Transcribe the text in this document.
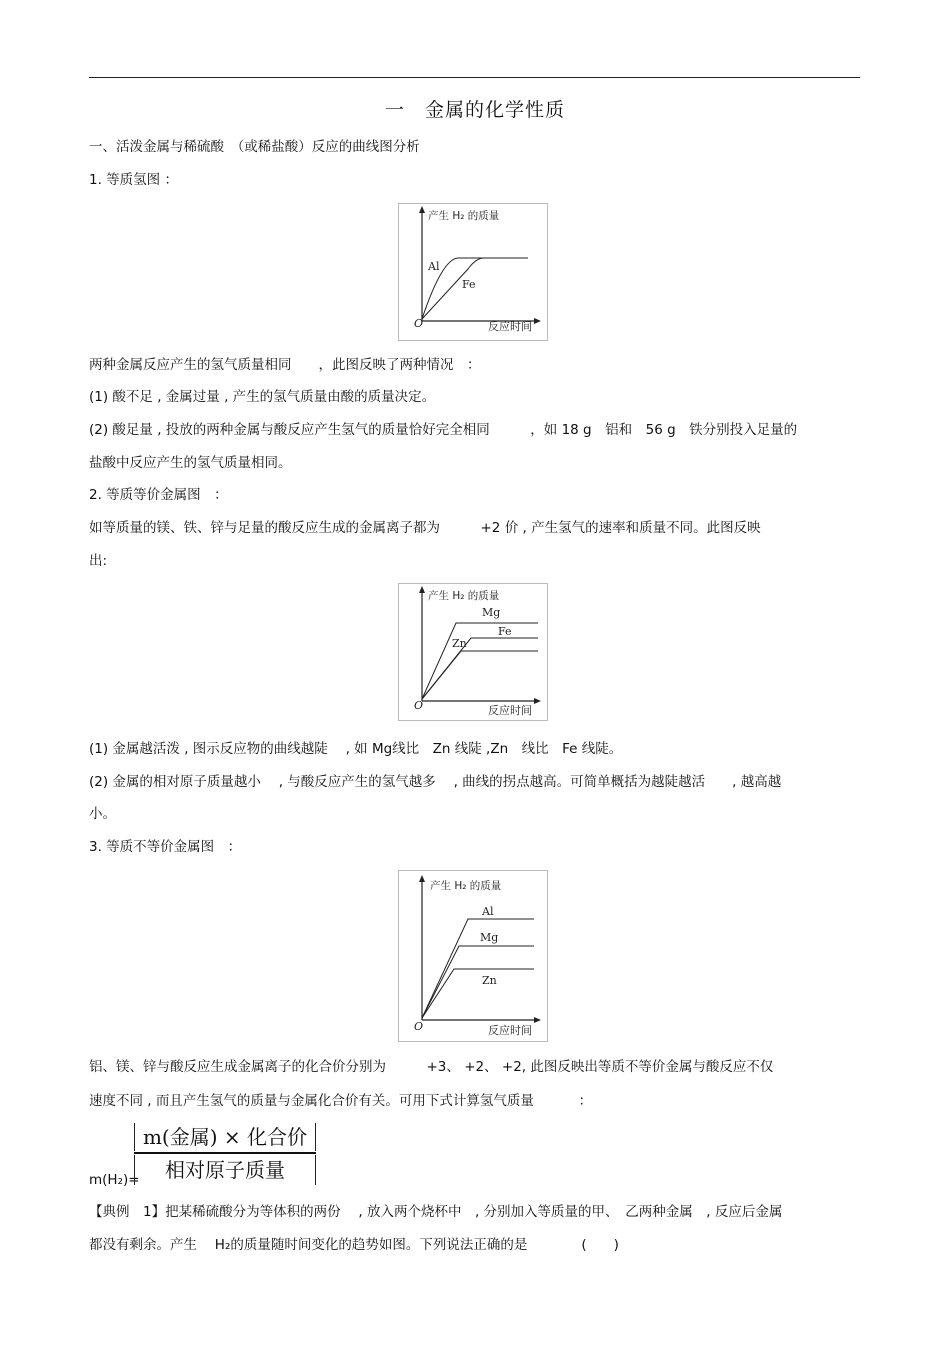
一　金属的化学性质
一、活泼金属与稀硫酸　（或稀盐酸）反应的曲线图分析
1. 等质氢图 ：
产生 H₂ 的质量
反应时间
O
Al
Fe
两种金属反应产生的氢气质量相同　　，此图反映了两种情况　：
(1) 酸不足 , 金属过量 , 产生的氢气质量由酸的质量决定。
(2) 酸足量 , 投放的两种金属与酸反应产生氢气的质量恰好完全相同　　　，如 18 g　铝和　56 g　铁分别投入足量的
盐酸中反应产生的氢气质量相同。
2. 等质等价金属图　：
如等质量的镁、铁、锌与足量的酸反应生成的金属离子都为　　　+2 价 , 产生氢气的速率和质量不同。此图反映
出:
产生 H₂ 的质量
反应时间
O
Mg
Fe
Zn
(1) 金属越活泼 , 图示反应物的曲线越陡　 , 如 Mg线比　Zn 线陡 ,Zn　线比　Fe 线陡。
(2) 金属的相对原子质量越小　 , 与酸反应产生的氢气越多　 , 曲线的拐点越高。可简单概括为越陡越活　　, 越高越
小。
3. 等质不等价金属图　：
产生 H₂ 的质量
反应时间
O
Al
Mg
Zn
铝、镁、锌与酸反应生成金属离子的化合价分别为　　　+3、 +2、 +2, 此图反映出等质不等价金属与酸反应不仅
速度不同 , 而且产生氢气的质量与金属化合价有关。可用下式计算氢气质量　　　 ：
m(H₂)=
m(金属) × 化合价
相对原子质量
【典例　1】把某稀硫酸分为等体积的两份　 , 放入两个烧杯中　, 分别加入等质量的甲、　乙两种金属　, 反应后金属
都没有剩余。产生　 H₂的质量随时间变化的趋势如图。下列说法正确的是　　　　(　　)
